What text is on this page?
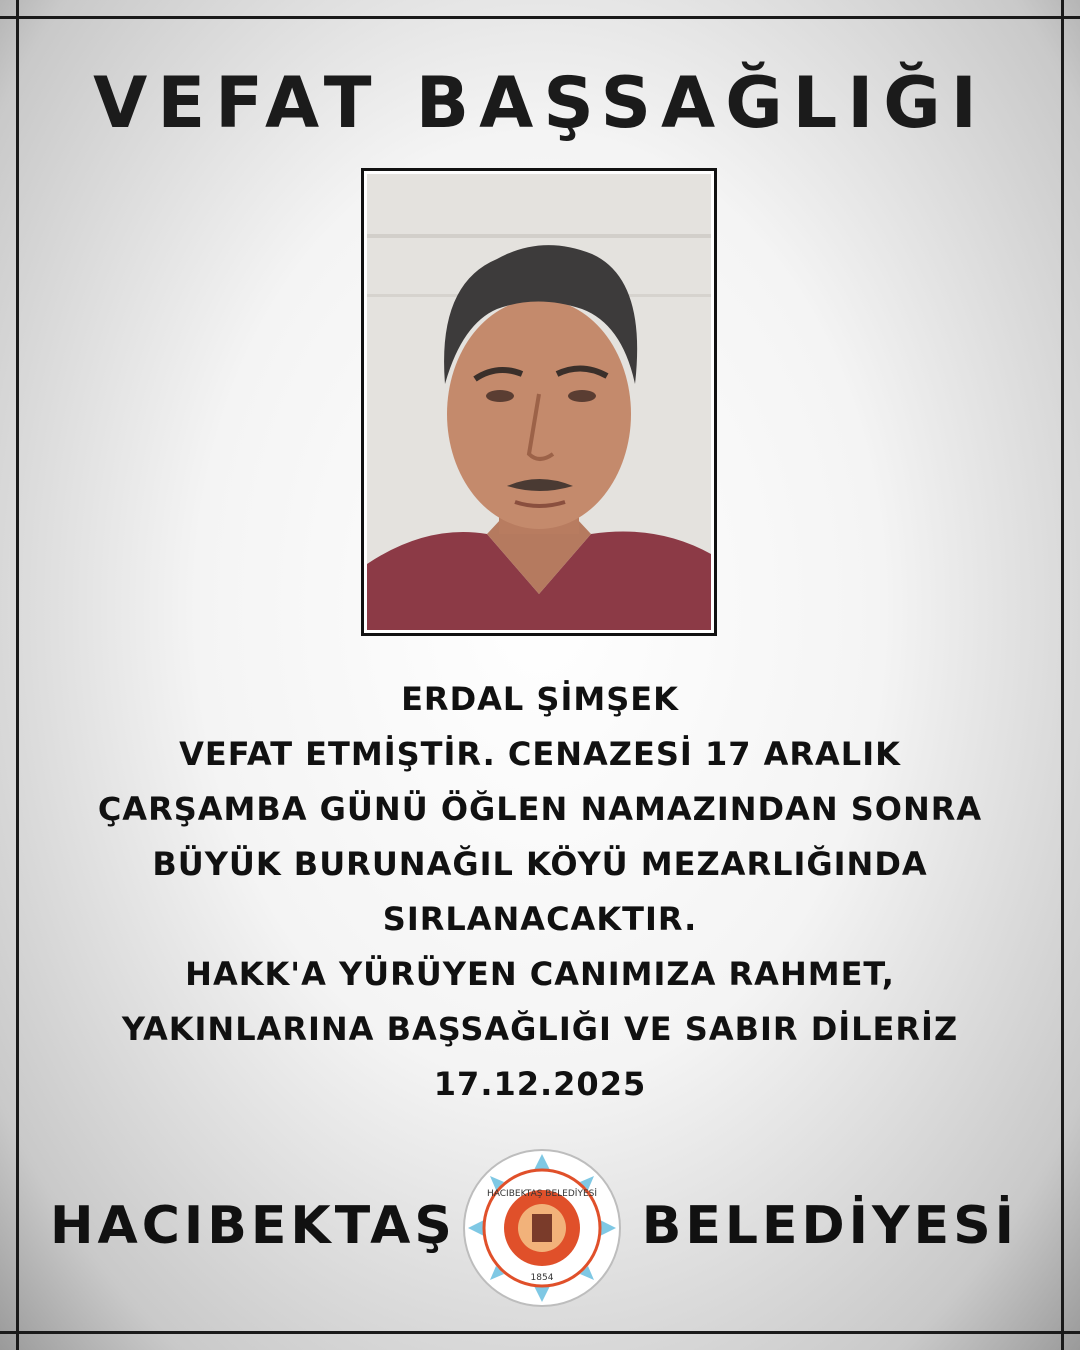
VEFAT BAŞSAĞLIĞI
ERDAL ŞİMŞEK
VEFAT ETMİŞTİR. CENAZESİ 17 ARALIK
ÇARŞAMBA GÜNÜ ÖĞLEN NAMAZINDAN SONRA
BÜYÜK BURUNAĞIL KÖYÜ MEZARLIĞINDA
SIRLANACAKTIR.
HAKK'A YÜRÜYEN CANIMIZA RAHMET,
YAKINLARINA BAŞSAĞLIĞI VE SABIR DİLERİZ
17.12.2025
HACIBEKTAŞ
HACIBEKTAŞ BELEDİYESİ
1854
BELEDİYESİ
